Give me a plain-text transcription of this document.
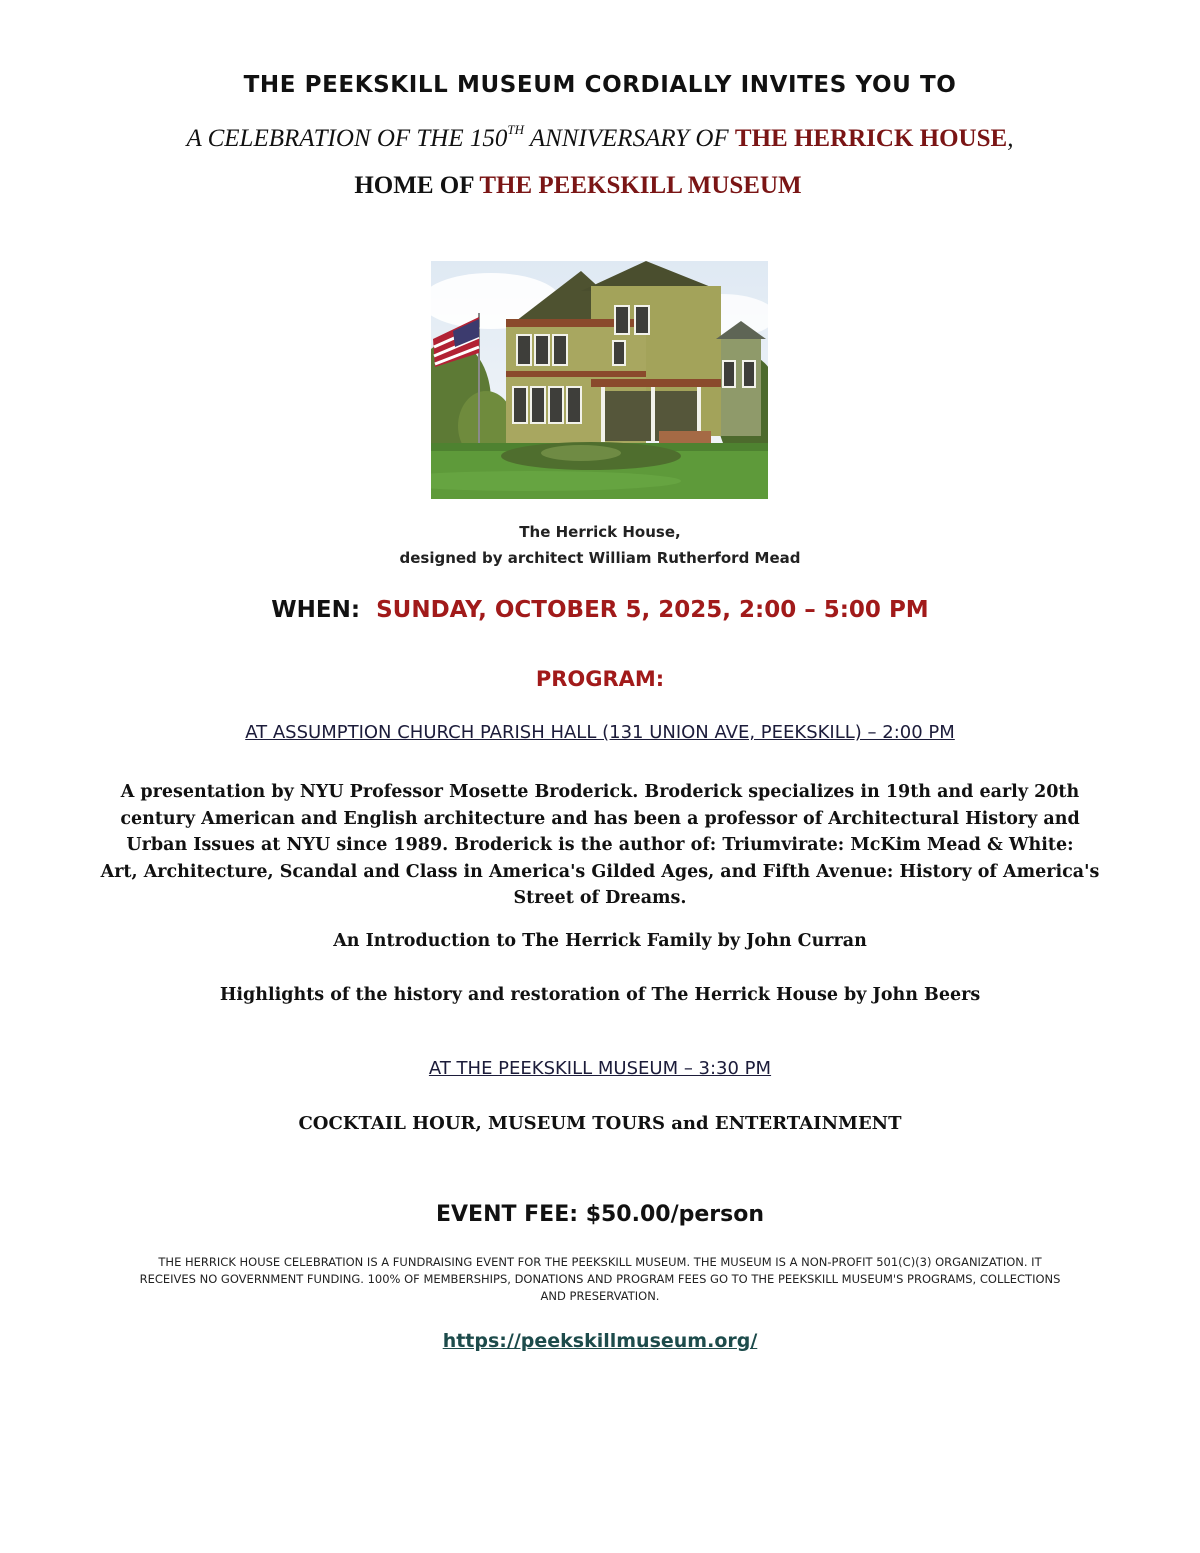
THE PEEKSKILL MUSEUM CORDIALLY INVITES YOU TO
A CELEBRATION OF THE 150TH ANNIVERSARY OF THE HERRICK HOUSE,
HOME OF THE PEEKSKILL MUSEUM
The Herrick House,
designed by architect William Rutherford Mead
WHEN:  SUNDAY, OCTOBER 5, 2025, 2:00 – 5:00 PM
PROGRAM:
AT ASSUMPTION CHURCH PARISH HALL (131 UNION AVE, PEEKSKILL) – 2:00 PM
A presentation by NYU Professor Mosette Broderick. Broderick specializes in 19th and early 20th
century American and English architecture and has been a professor of Architectural History and
Urban Issues at NYU since 1989. Broderick is the author of: Triumvirate: McKim Mead & White:
Art, Architecture, Scandal and Class in America's Gilded Ages, and Fifth Avenue: History of America's
Street of Dreams.
An Introduction to The Herrick Family by John Curran
Highlights of the history and restoration of The Herrick House by John Beers
AT THE PEEKSKILL MUSEUM – 3:30 PM
COCKTAIL HOUR, MUSEUM TOURS and ENTERTAINMENT
EVENT FEE: $50.00/person
THE HERRICK HOUSE CELEBRATION IS A FUNDRAISING EVENT FOR THE PEEKSKILL MUSEUM. THE MUSEUM IS A NON-PROFIT 501(C)(3) ORGANIZATION. IT
RECEIVES NO GOVERNMENT FUNDING. 100% OF MEMBERSHIPS, DONATIONS AND PROGRAM FEES GO TO THE PEEKSKILL MUSEUM'S PROGRAMS, COLLECTIONS
AND PRESERVATION.
https://peekskillmuseum.org/
